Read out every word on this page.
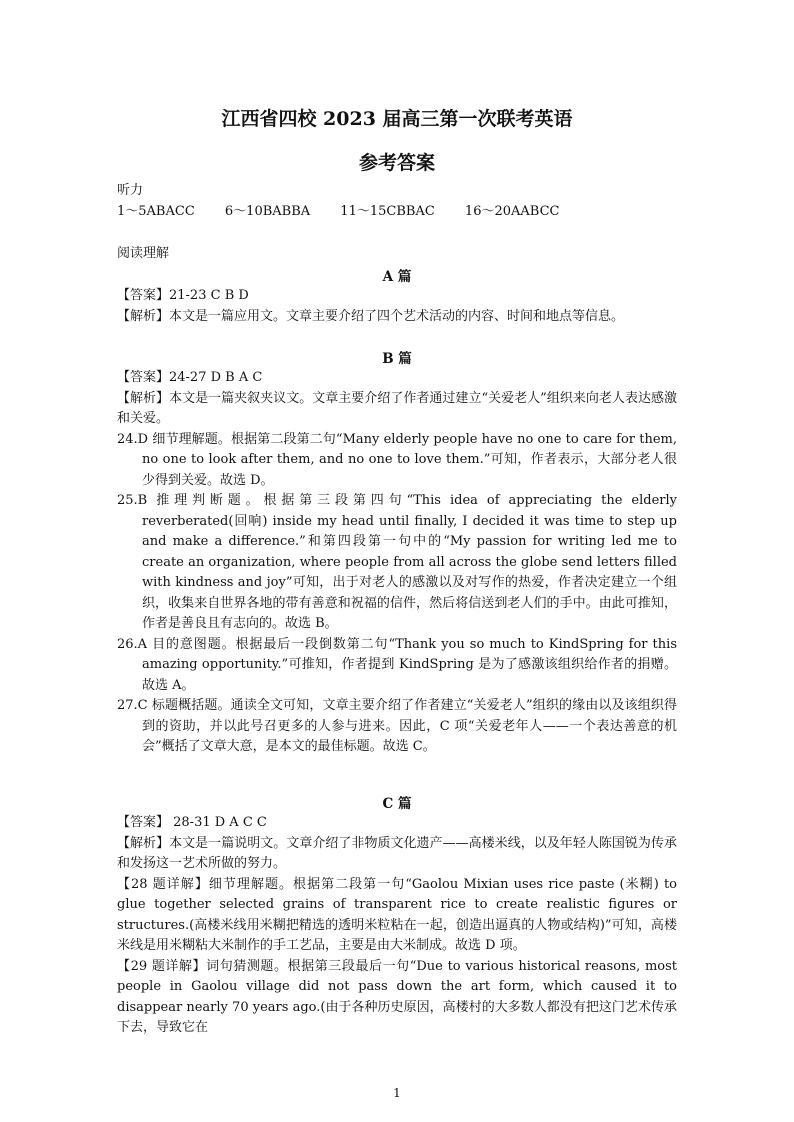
江西省四校 2023 届高三第一次联考英语
参考答案
听力
1～5ABACC 6～10BABBA 11～15CBBAC 16～20AABCC
阅读理解
A 篇

【答案】21-23 C B D

【解析】本文是一篇应用文。文章主要介绍了四个艺术活动的内容、时间和地点等信息。

B 篇

【答案】24-27 D B A C

【解析】本文是一篇夹叙夹议文。文章主要介绍了作者通过建立“关爱老人”组织来向老人表达感激和关爱。

24.D 细节理解题。根据第二段第二句“Many elderly people have no one to care for them, no one to look after them, and no one to love them.”可知，作者表示，大部分老人很少得到关爱。故选 D。

25.B 推理判断题。根据第三段第四句“This idea of appreciating the elderly reverberated(回响) inside my head until finally, I decided it was time to step up and make a difference.”和第四段第一句中的“My passion for writing led me to create an organization, where people from all across the globe send letters filled with kindness and joy”可知，出于对老人的感激以及对写作的热爱，作者决定建立一个组织，收集来自世界各地的带有善意和祝福的信件，然后将信送到老人们的手中。由此可推知，作者是善良且有志向的。故选 B。

26.A 目的意图题。根据最后一段倒数第二句“Thank you so much to KindSpring for this amazing opportunity.”可推知，作者提到 KindSpring 是为了感激该组织给作者的捐赠。故选 A。

27.C 标题概括题。通读全文可知，文章主要介绍了作者建立“关爱老人”组织的缘由以及该组织得到的资助，并以此号召更多的人参与进来。因此，C 项“关爱老年人——一个表达善意的机会”概括了文章大意，是本文的最佳标题。故选 C。

C 篇

【答案】 28-31 D A C C

【解析】本文是一篇说明文。文章介绍了非物质文化遗产——高楼米线，以及年轻人陈国锐为传承和发扬这一艺术所做的努力。

【28 题详解】细节理解题。根据第二段第一句“Gaolou Mixian uses rice paste (米糊) to glue together selected grains of transparent rice to create realistic figures or structures.(高楼米线用米糊把精选的透明米粒粘在一起，创造出逼真的人物或结构)”可知，高楼米线是用米糊粘大米制作的手工艺品，主要是由大米制成。故选 D 项。

【29 题详解】词句猜测题。根据第三段最后一句“Due to various historical reasons, most people in Gaolou village did not pass down the art form, which caused it to disappear nearly 70 years ago.(由于各种历史原因，高楼村的大多数人都没有把这门艺术传承下去，导致它在

1
